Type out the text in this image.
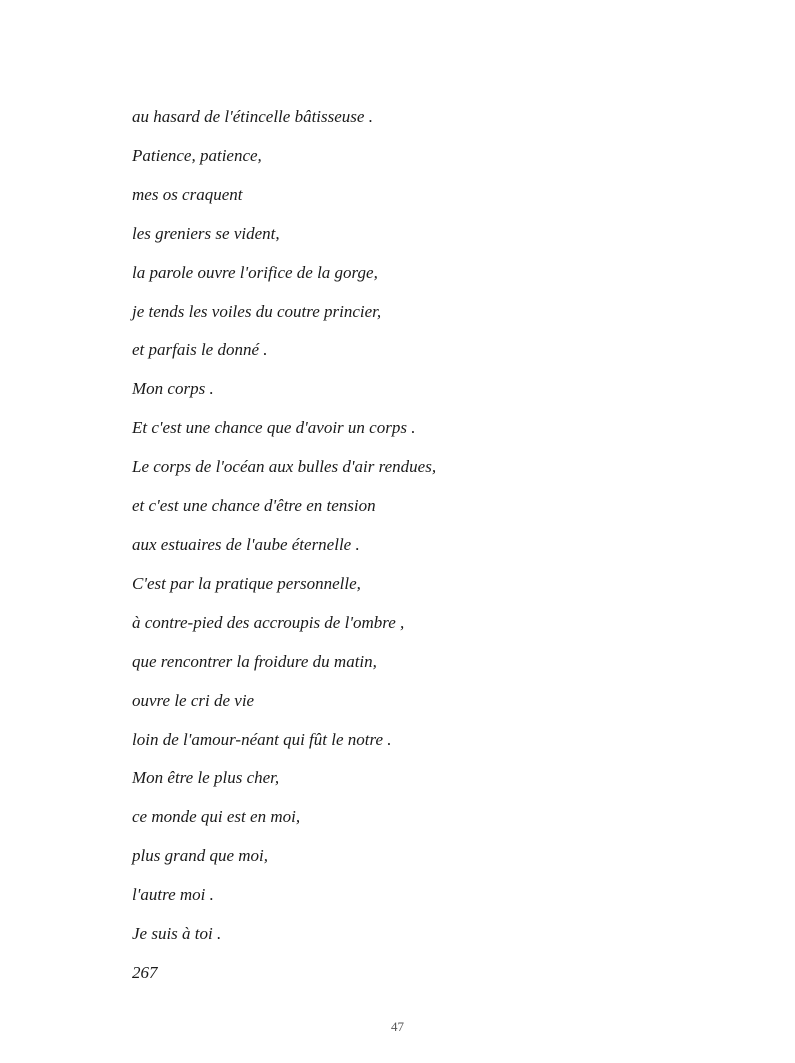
au hasard de l'étincelle bâtisseuse .

Patience, patience,

mes os craquent

les greniers se vident,

la parole ouvre l'orifice de la gorge,

je tends les voiles du coutre princier,

et parfais le donné .

Mon corps .

Et c'est une chance que d'avoir un corps .

Le corps de l'océan aux bulles d'air rendues,

et c'est une chance d'être en tension

aux estuaires de l'aube éternelle .

C'est par la pratique personnelle,

à contre-pied des accroupis de l'ombre ,

que rencontrer la froidure du matin,

ouvre le cri de vie

loin de l'amour-néant qui fût le notre .

Mon être le plus cher,

ce monde qui est en moi,

plus grand que moi,

l'autre moi .

Je suis à toi .

267

47
